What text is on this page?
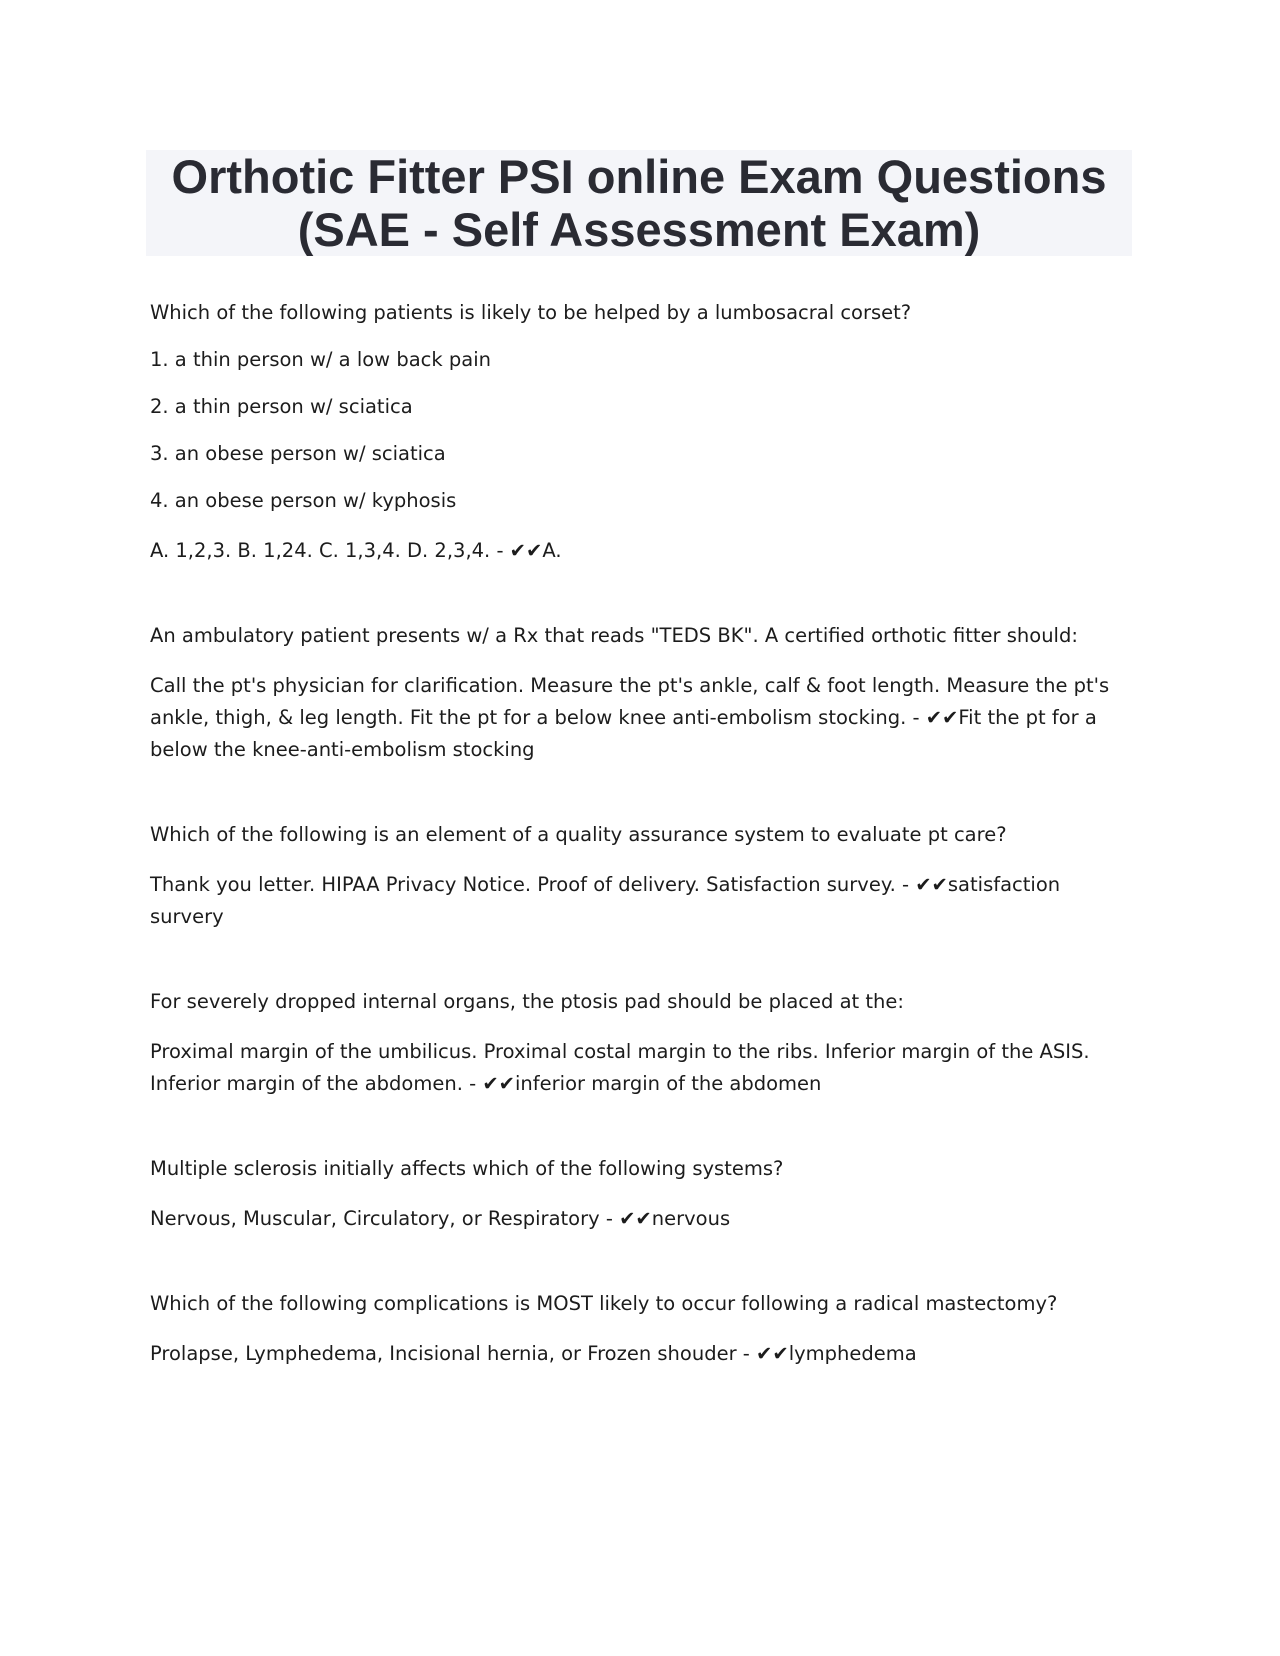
Orthotic Fitter PSI online Exam Questions
(SAE - Self Assessment Exam)

Which of the following patients is likely to be helped by a lumbosacral corset?

1. a thin person w/ a low back pain

2. a thin person w/ sciatica

3. an obese person w/ sciatica

4. an obese person w/ kyphosis

A. 1,2,3. B. 1,24. C. 1,3,4. D. 2,3,4. - ✔✔A.

An ambulatory patient presents w/ a Rx that reads "TEDS BK". A certified orthotic fitter should:

Call the pt's physician for clarification. Measure the pt's ankle, calf & foot length. Measure the pt's ankle, thigh, & leg length. Fit the pt for a below knee anti-embolism stocking. - ✔✔Fit the pt for a below the knee-anti-embolism stocking

Which of the following is an element of a quality assurance system to evaluate pt care?

Thank you letter. HIPAA Privacy Notice. Proof of delivery. Satisfaction survey. - ✔✔satisfaction survery

For severely dropped internal organs, the ptosis pad should be placed at the:

Proximal margin of the umbilicus. Proximal costal margin to the ribs. Inferior margin of the ASIS. Inferior margin of the abdomen. - ✔✔inferior margin of the abdomen

Multiple sclerosis initially affects which of the following systems?

Nervous, Muscular, Circulatory, or Respiratory - ✔✔nervous

Which of the following complications is MOST likely to occur following a radical mastectomy?

Prolapse, Lymphedema, Incisional hernia, or Frozen shouder - ✔✔lymphedema
